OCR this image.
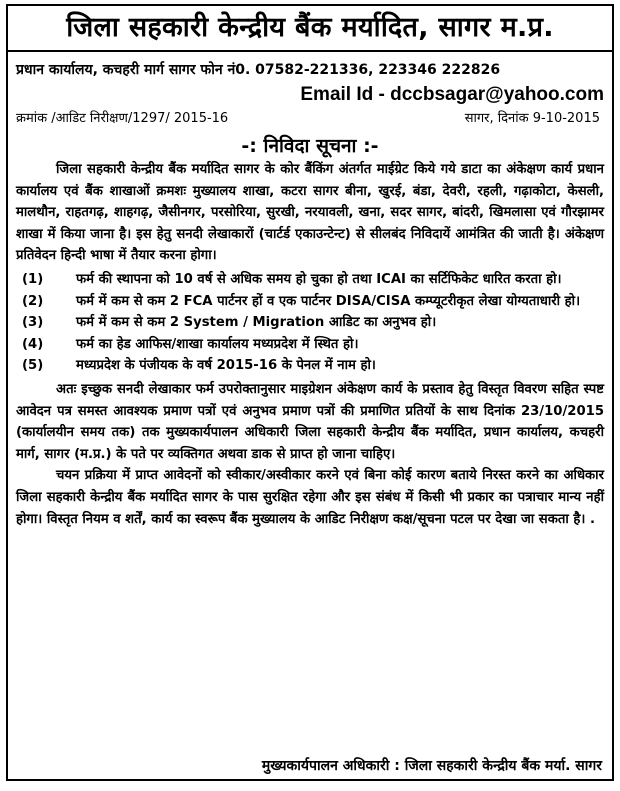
जिला सहकारी केन्द्रीय बैंक मर्यादित, सागर म.प्र.
प्रधान कार्यालय, कचहरी मार्ग सागर फोन नं0. 07582-221336, 223346 222826
Email Id - dccbsagar@yahoo.com
क्रमांक /आडिट निरीक्षण/1297/ 2015-16	सागर, दिनांक 9-10-2015
-: निविदा सूचना :-

जिला सहकारी केन्द्रीय बैंक मर्यादित सागर के कोर बैंकिंग अंतर्गत माईग्रेट किये गये डाटा का अंकेक्षण कार्य प्रधान कार्यालय एवं बैंक शाखाओं क्रमशः मुख्यालय शाखा, कटरा सागर बीना, खुरई, बंडा, देवरी, रहली, गढ़ाकोटा, केसली, मालथौन, राहतगढ़, शाहगढ़, जैसीनगर, परसोरिया, सुरखी, नरयावली, खना, सदर सागर, बांदरी, खिमलासा एवं गौरझामर शाखा में किया जाना है। इस हेतु सनदी लेखाकारों (चार्टर्ड एकाउन्टेन्ट) से सीलबंद निविदायें आमंत्रित की जाती है। अंकेक्षण प्रतिवेदन हिन्दी भाषा में तैयार करना होगा।

(1)	फर्म की स्थापना को 10 वर्ष से अधिक समय हो चुका हो तथा ICAI का सर्टिफिकेट धारित करता हो।
(2)	फर्म में कम से कम 2 FCA पार्टनर हों व एक पार्टनर DISA/CISA कम्प्यूटरीकृत लेखा योग्यताधारी हो।
(3)	फर्म में कम से कम 2 System / Migration आडिट का अनुभव हो।
(4)	फर्म का हेड आफिस/शाखा कार्यालय मध्यप्रदेश में स्थित हो।
(5)	मध्यप्रदेश के पंजीयक के वर्ष 2015-16 के पेनल में नाम हो।

अतः इच्छुक सनदी लेखाकार फर्म उपरोक्तानुसार माइग्रेशन अंकेक्षण कार्य के प्रस्ताव हेतु विस्तृत विवरण सहित स्पष्ट आवेदन पत्र समस्त आवश्यक प्रमाण पत्रों एवं अनुभव प्रमाण पत्रों की प्रमाणित प्रतियों के साथ दिनांक 23/10/2015 (कार्यालयीन समय तक) तक मुख्यकार्यपालन अधिकारी जिला सहकारी केन्द्रीय बैंक मर्यादित, प्रधान कार्यालय, कचहरी मार्ग, सागर (म.प्र.) के पते पर व्यक्तिगत अथवा डाक से प्राप्त हो जाना चाहिए।

चयन प्रक्रिया में प्राप्त आवेदनों को स्वीकार/अस्वीकार करने एवं बिना कोई कारण बताये निरस्त करने का अधिकार जिला सहकारी केन्द्रीय बैंक मर्यादित सागर के पास सुरक्षित रहेगा और इस संबंध में किसी भी प्रकार का पत्राचार मान्य नहीं होगा। विस्तृत नियम व शर्तें, कार्य का स्वरूप बैंक मुख्यालय के आडिट निरीक्षण कक्ष/सूचना पटल पर देखा जा सकता है। .

मुख्यकार्यपालन अधिकारी : जिला सहकारी केन्द्रीय बैंक मर्या. सागर
